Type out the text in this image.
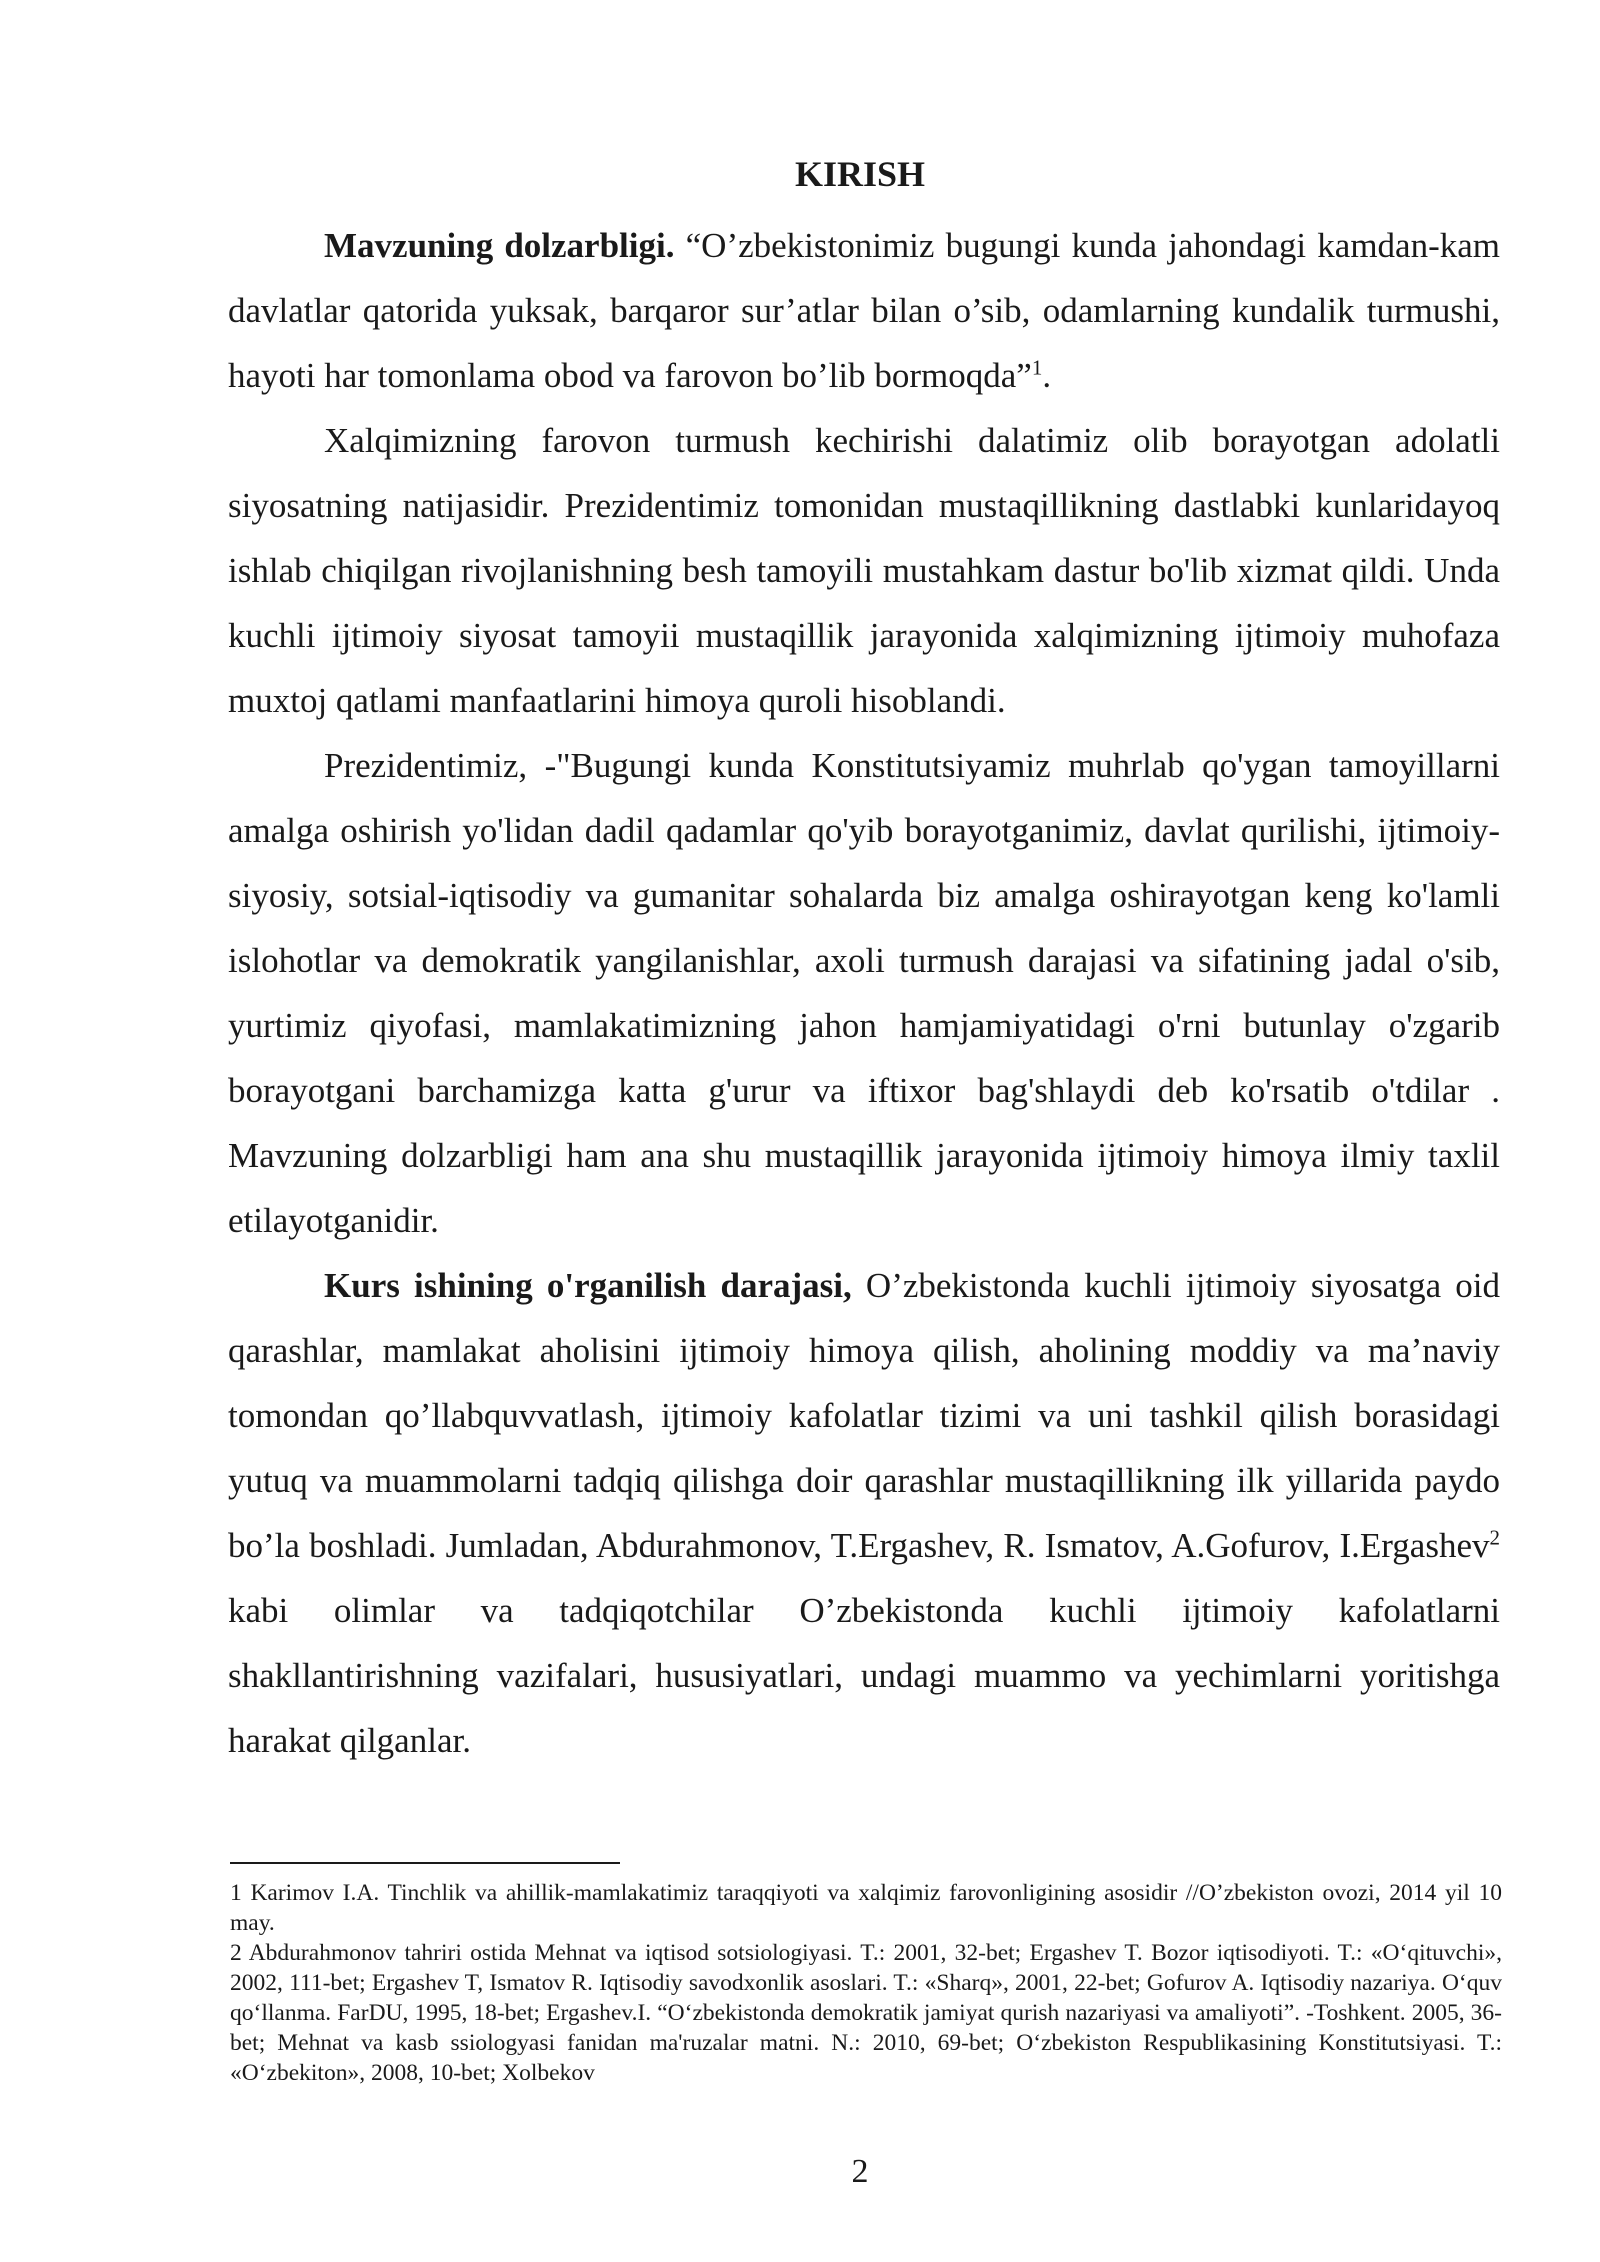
KIRISH

Mavzuning dolzarbligi. “O’zbekistonimiz bugungi kunda jahondagi kamdan-kam davlatlar qatorida yuksak, barqaror sur’atlar bilan o’sib, odamlarning kundalik turmushi, hayoti har tomonlama obod va farovon bo’lib bormoqda”$^1$.

Xalqimizning farovon turmush kechirishi dalatimiz olib borayotgan adolatli siyosatning natijasidir. Prezidentimiz tomonidan mustaqillikning dastlabki kunlaridayoq ishlab chiqilgan rivojlanishning besh tamoyili mustahkam dastur bo'lib xizmat qildi. Unda kuchli ijtimoiy siyosat tamoyii mustaqillik jarayonida xalqimizning ijtimoiy muhofaza muxtoj qatlami manfaatlarini himoya quroli hisoblandi.

Prezidentimiz, -"Bugungi kunda Konstitutsiyamiz muhrlab qo'ygan tamoyillarni amalga oshirish yo'lidan dadil qadamlar qo'yib borayotganimiz, davlat qurilishi, ijtimoiy-siyosiy, sotsial-iqtisodiy va gumanitar sohalarda biz amalga oshirayotgan keng ko'lamli islohotlar va demokratik yangilanishlar, axoli turmush darajasi va sifatining jadal o'sib, yurtimiz qiyofasi, mamlakatimizning jahon hamjamiyatidagi o'rni butunlay o'zgarib borayotgani barchamizga katta g'urur va iftixor bag'shlaydi deb ko'rsatib o'tdilar . Mavzuning dolzarbligi ham ana shu mustaqillik jarayonida ijtimoiy himoya ilmiy taxlil etilayotganidir.

Kurs ishining o'rganilish darajasi, O’zbekistonda kuchli ijtimoiy siyosatga oid qarashlar, mamlakat aholisini ijtimoiy himoya qilish, aholining moddiy va ma’naviy tomondan qo’llabquvvatlash, ijtimoiy kafolatlar tizimi va uni tashkil qilish borasidagi yutuq va muammolarni tadqiq qilishga doir qarashlar mustaqillikning ilk yillarida paydo bo’la boshladi. Jumladan, Abdurahmonov, T.Ergashev, R. Ismatov, A.Gofurov, I.Ergashev$^2$ kabi olimlar va tadqiqotchilar O’zbekistonda kuchli ijtimoiy kafolatlarni shakllantirishning vazifalari, hususiyatlari, undagi muammo va yechimlarni yoritishga harakat qilganlar.

1 Karimov I.A. Tinchlik va ahillik-mamlakatimiz taraqqiyoti va xalqimiz farovonligining asosidir //O’zbekiston ovozi, 2014 yil 10 may.

2 Abdurahmonov tahriri ostida Mehnat va iqtisod sotsiologiyasi. T.: 2001, 32-bet; Ergashev T. Bozor iqtisodiyoti. T.: «O‘qituvchi», 2002, 111-bet; Ergashev T, Ismatov R. Iqtisodiy savodxonlik asoslari. T.: «Sharq», 2001, 22-bet; Gofurov A. Iqtisodiy nazariya. O‘quv qo‘llanma. FarDU, 1995, 18-bet; Ergashev.I. “O‘zbekistonda demokratik jamiyat qurish nazariyasi va amaliyoti”. -Toshkent. 2005, 36-bet; Mehnat va kasb ssiologyasi fanidan ma'ruzalar matni. N.: 2010, 69-bet; O‘zbekiston Respublikasining Konstitutsiyasi. T.: «O‘zbekiton», 2008, 10-bet; Xolbekov

2
